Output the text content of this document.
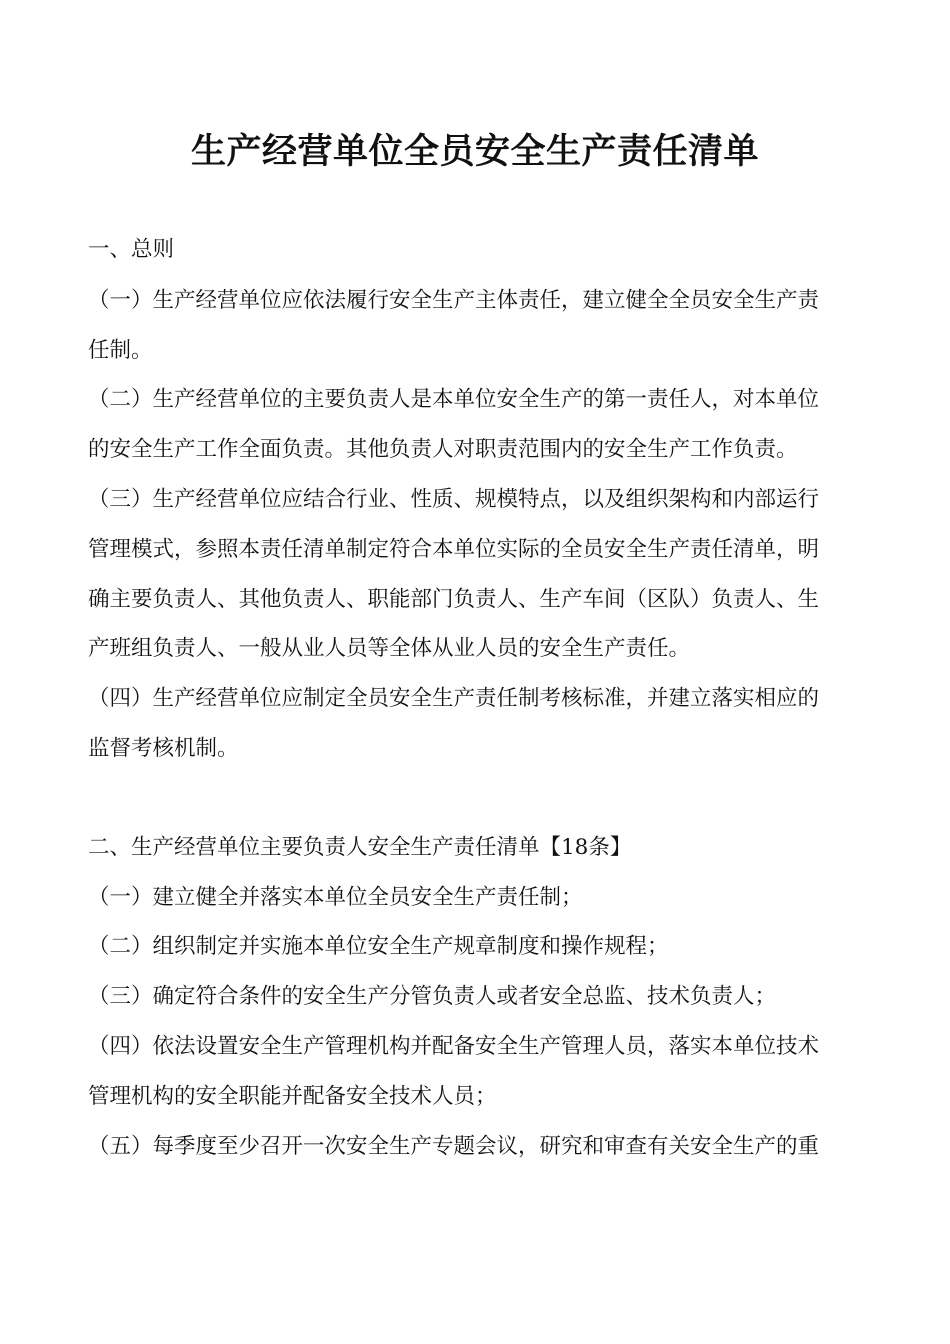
生产经营单位全员安全生产责任清单
一、总则
（一）生产经营单位应依法履行安全生产主体责任，建立健全全员安全生产责
任制。
（二）生产经营单位的主要负责人是本单位安全生产的第一责任人，对本单位
的安全生产工作全面负责。其他负责人对职责范围内的安全生产工作负责。
（三）生产经营单位应结合行业、性质、规模特点，以及组织架构和内部运行
管理模式，参照本责任清单制定符合本单位实际的全员安全生产责任清单，明
确主要负责人、其他负责人、职能部门负责人、生产车间（区队）负责人、生
产班组负责人、一般从业人员等全体从业人员的安全生产责任。
（四）生产经营单位应制定全员安全生产责任制考核标准，并建立落实相应的
监督考核机制。
二、生产经营单位主要负责人安全生产责任清单【18条】
（一）建立健全并落实本单位全员安全生产责任制；
（二）组织制定并实施本单位安全生产规章制度和操作规程；
（三）确定符合条件的安全生产分管负责人或者安全总监、技术负责人；
（四）依法设置安全生产管理机构并配备安全生产管理人员，落实本单位技术
管理机构的安全职能并配备安全技术人员；
（五）每季度至少召开一次安全生产专题会议，研究和审查有关安全生产的重
